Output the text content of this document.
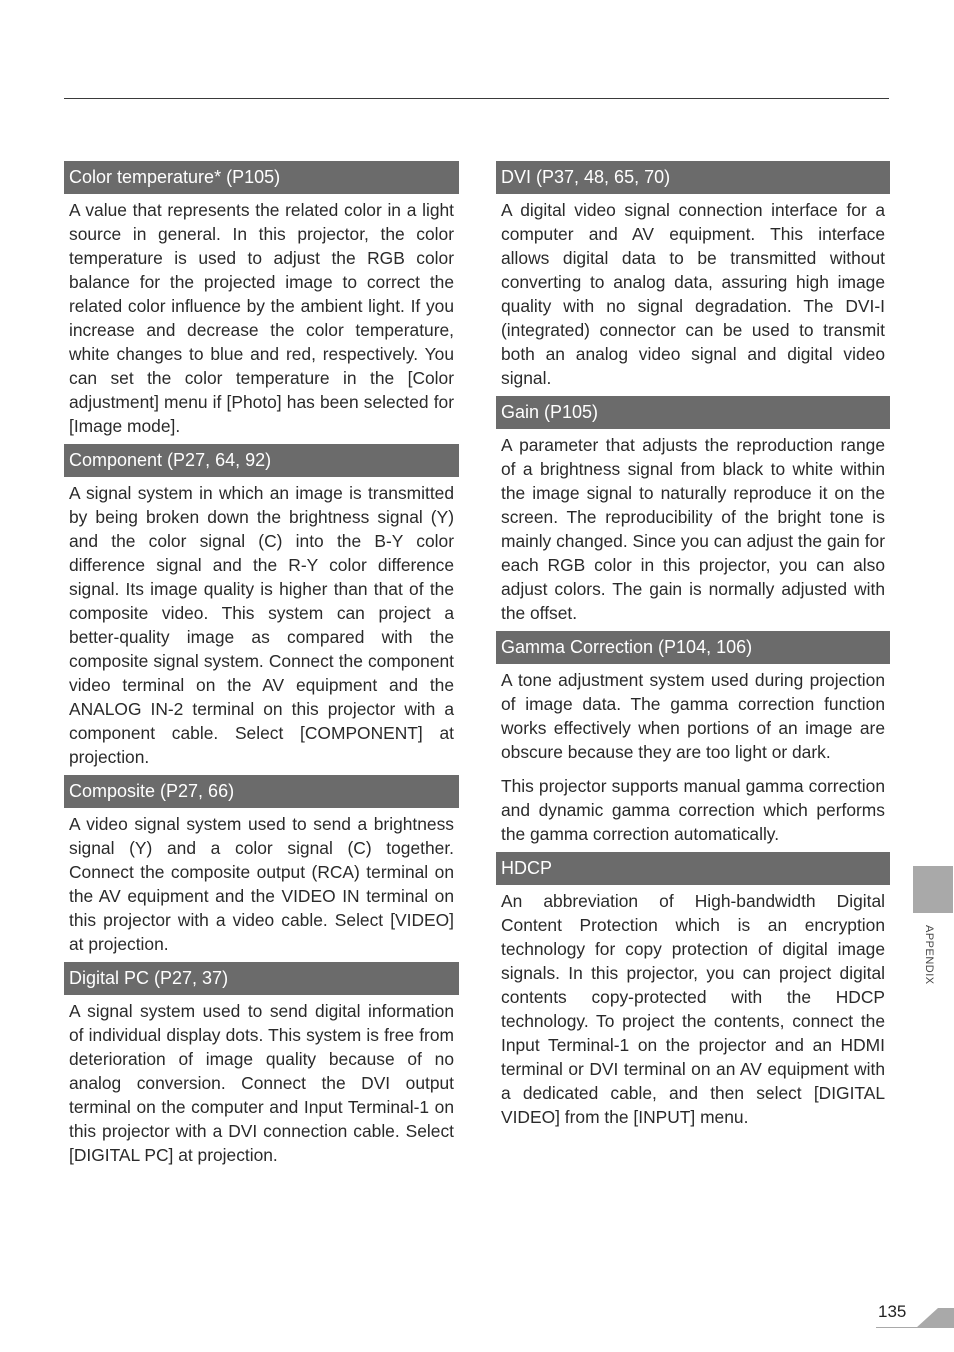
Color temperature* (P105)

A value that represents the related color in a light source in general. In this projector, the color temperature is used to adjust the RGB color balance for the projected image to correct the related color influence by the ambient light. If you increase and decrease the color temperature, white changes to blue and red, respectively. You can set the color temperature in the [Color adjustment] menu if [Photo] has been selected for [Image mode].

Component (P27, 64, 92)

A signal system in which an image is transmitted by being broken down the brightness signal (Y) and the color signal (C) into the B-Y color difference signal and the R-Y color difference signal. Its image quality is higher than that of the composite video. This system can project a better-quality image as compared with the composite signal system. Connect the component video terminal on the AV equipment and the ANALOG IN-2 terminal on this projector with a component cable. Select [COMPONENT] at projection.

Composite (P27, 66)

A video signal system used to send a brightness signal (Y) and a color signal (C) together. Connect the composite output (RCA) terminal on the AV equipment and the VIDEO IN terminal on this projector with a video cable. Select [VIDEO] at projection.

Digital PC (P27, 37)

A signal system used to send digital information of individual display dots. This system is free from deterioration of image quality because of no analog conversion. Connect the DVI output terminal on the computer and Input Terminal-1 on this projector with a DVI connection cable. Select [DIGITAL PC] at projection.

DVI (P37, 48, 65, 70)

A digital video signal connection interface for a computer and AV equipment. This interface allows digital data to be transmitted without converting to analog data, assuring high image quality with no signal degradation. The DVI-I (integrated) connector can be used to transmit both an analog video signal and digital video signal.

Gain (P105)

A parameter that adjusts the reproduction range of a brightness signal from black to white within the image signal to naturally reproduce it on the screen. The reproducibility of the bright tone is mainly changed. Since you can adjust the gain for each RGB color in this projector, you can also adjust colors. The gain is normally adjusted with the offset.

Gamma Correction (P104, 106)

A tone adjustment system used during projection of image data. The gamma correction function works effectively when portions of an image are obscure because they are too light or dark.

This projector supports manual gamma correction and dynamic gamma correction which performs the gamma correction automatically.

HDCP

An abbreviation of High-bandwidth Digital Content Protection which is an encryption technology for copy protection of digital image signals. In this projector, you can project digital contents copy-protected with the HDCP technology. To project the contents, connect the Input Terminal-1 on the projector and an HDMI terminal or DVI terminal on an AV equipment with a dedicated cable, and then select [DIGITAL VIDEO] from the [INPUT] menu.

APPENDIX
135
